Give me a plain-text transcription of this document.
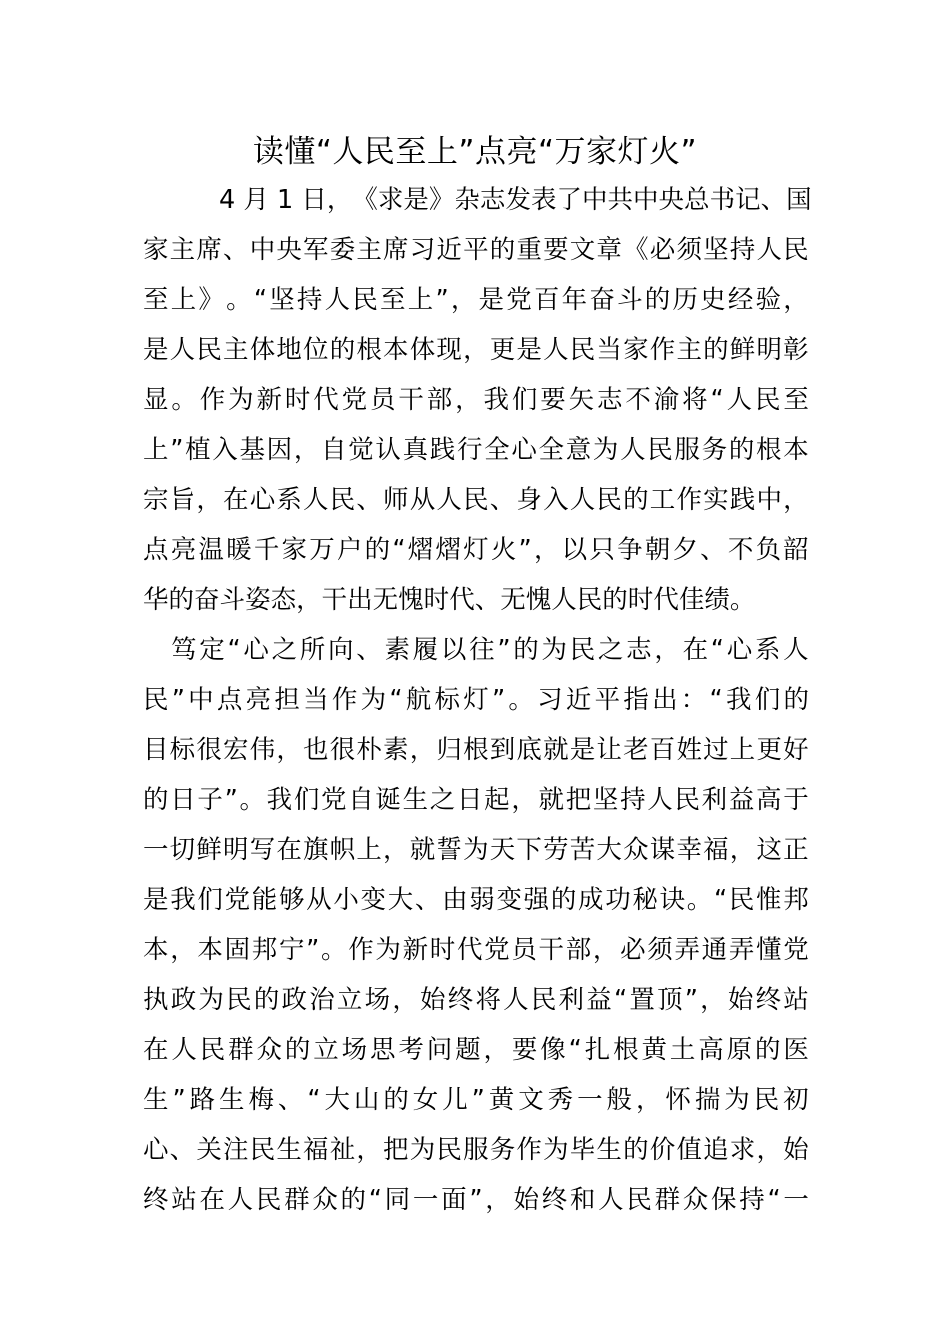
读懂“人民至上”点亮“万家灯火”
4
月
1
日 ， 《 求 是 》 杂 志 发 表 了 中 共 中 央 总 书 记 、 国
家 主 席 、 中 央 军 委 主 席 习 近 平 的 重 要 文 章 《 必 须 坚 持 人 民
至 上 》 。 “ 坚 持 人 民 至 上 ” ， 是 党 百 年 奋 斗 的 历 史 经 验 ，
是 人 民 主 体 地 位 的 根 本 体 现 ， 更 是 人 民 当 家 作 主 的 鲜 明 彰
显 。 作 为 新 时 代 党 员 干 部 ， 我 们 要 矢 志 不 渝 将 “ 人 民 至
上 ” 植 入 基 因 ， 自 觉 认 真 践 行 全 心 全 意 为 人 民 服 务 的 根 本
宗 旨 ， 在 心 系 人 民 、 师 从 人 民 、 身 入 人 民 的 工 作 实 践 中 ，
点 亮 温 暖 千 家 万 户 的 “ 熠 熠 灯 火 ” ， 以 只 争 朝 夕 、 不 负 韶
华 的 奋 斗 姿 态 ， 干 出 无 愧 时 代 、 无 愧 人 民 的 时 代 佳 绩 。
笃 定 “ 心 之 所 向 、 素 履 以 往 ” 的 为 民 之 志 ， 在 “ 心 系 人
民 ” 中 点 亮 担 当 作 为 “ 航 标 灯 ” 。 习 近 平 指 出 ： “ 我 们 的
目 标 很 宏 伟 ， 也 很 朴 素 ， 归 根 到 底 就 是 让 老 百 姓 过 上 更 好
的 日 子 ” 。 我 们 党 自 诞 生 之 日 起 ， 就 把 坚 持 人 民 利 益 高 于
一 切 鲜 明 写 在 旗 帜 上 ， 就 誓 为 天 下 劳 苦 大 众 谋 幸 福 ， 这 正
是 我 们 党 能 够 从 小 变 大 、 由 弱 变 强 的 成 功 秘 诀 。 “ 民 惟 邦
本 ， 本 固 邦 宁 ” 。 作 为 新 时 代 党 员 干 部 ， 必 须 弄 通 弄 懂 党
执 政 为 民 的 政 治 立 场 ， 始 终 将 人 民 利 益 “ 置 顶 ” ， 始 终 站
在 人 民 群 众 的 立 场 思 考 问 题 ， 要 像 “ 扎 根 黄 土 高 原 的 医
生 ” 路 生 梅 、 “ 大 山 的 女 儿 ” 黄 文 秀 一 般 ， 怀 揣 为 民 初
心 、 关 注 民 生 福 祉 ， 把 为 民 服 务 作 为 毕 生 的 价 值 追 求 ， 始
终 站 在 人 民 群 众 的 “ 同 一 面 ” ， 始 终 和 人 民 群 众 保 持 “ 一
